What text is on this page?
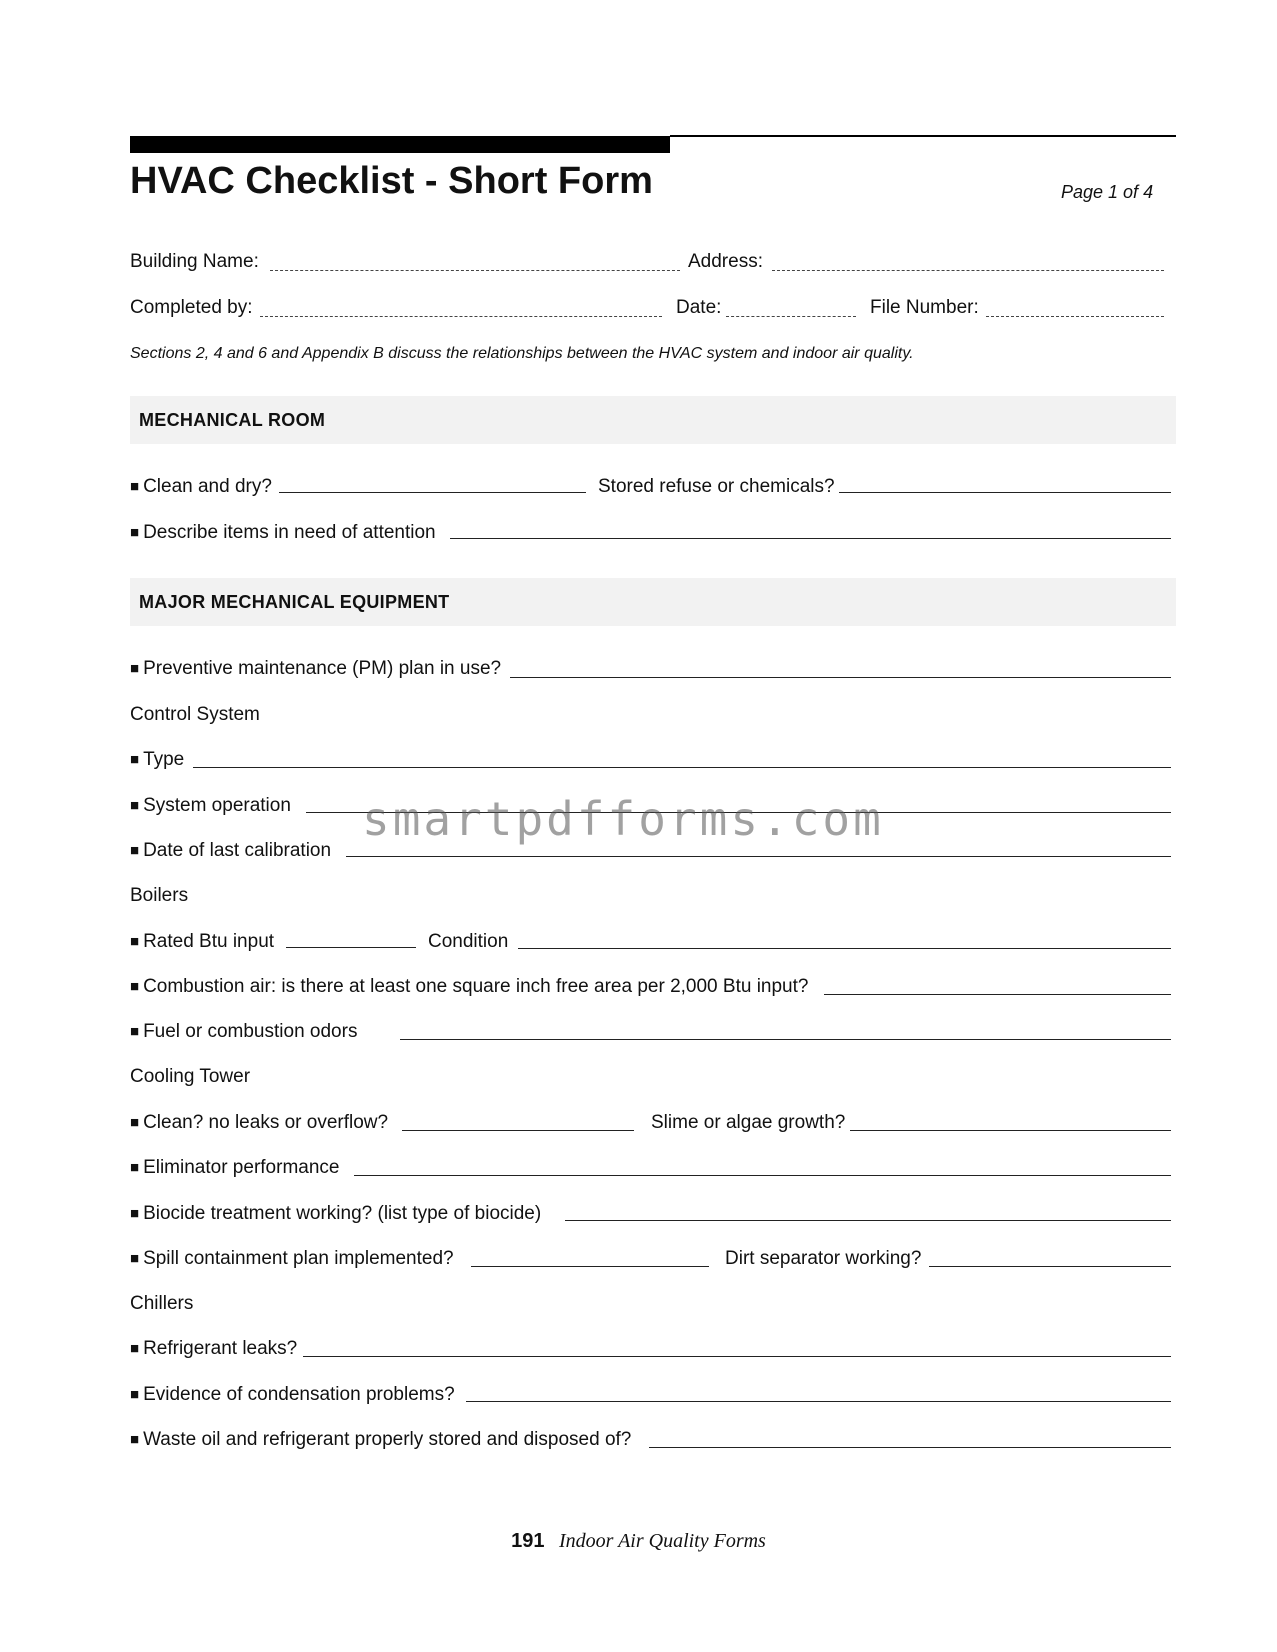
HVAC Checklist - Short Form	Page 1 of 4
Building Name:	Address:
Completed by:	Date:	File Number:
Sections 2, 4 and 6 and Appendix B discuss the relationships between the HVAC system and indoor air quality.
MECHANICAL ROOM
■ Clean and dry?	Stored refuse or chemicals?
■ Describe items in need of attention
MAJOR MECHANICAL EQUIPMENT
■ Preventive maintenance (PM) plan in use?
Control System
■ Type
■ System operation
■ Date of last calibration
smartpdfforms.com
Boilers
■ Rated Btu input	Condition
■ Combustion air: is there at least one square inch free area per 2,000 Btu input?
■ Fuel or combustion odors
Cooling Tower
■ Clean? no leaks or overflow?	Slime or algae growth?
■ Eliminator performance
■ Biocide treatment working? (list type of biocide)
■ Spill containment plan implemented?	Dirt separator working?
Chillers
■ Refrigerant leaks?
■ Evidence of condensation problems?
■ Waste oil and refrigerant properly stored and disposed of?
191 Indoor Air Quality Forms
